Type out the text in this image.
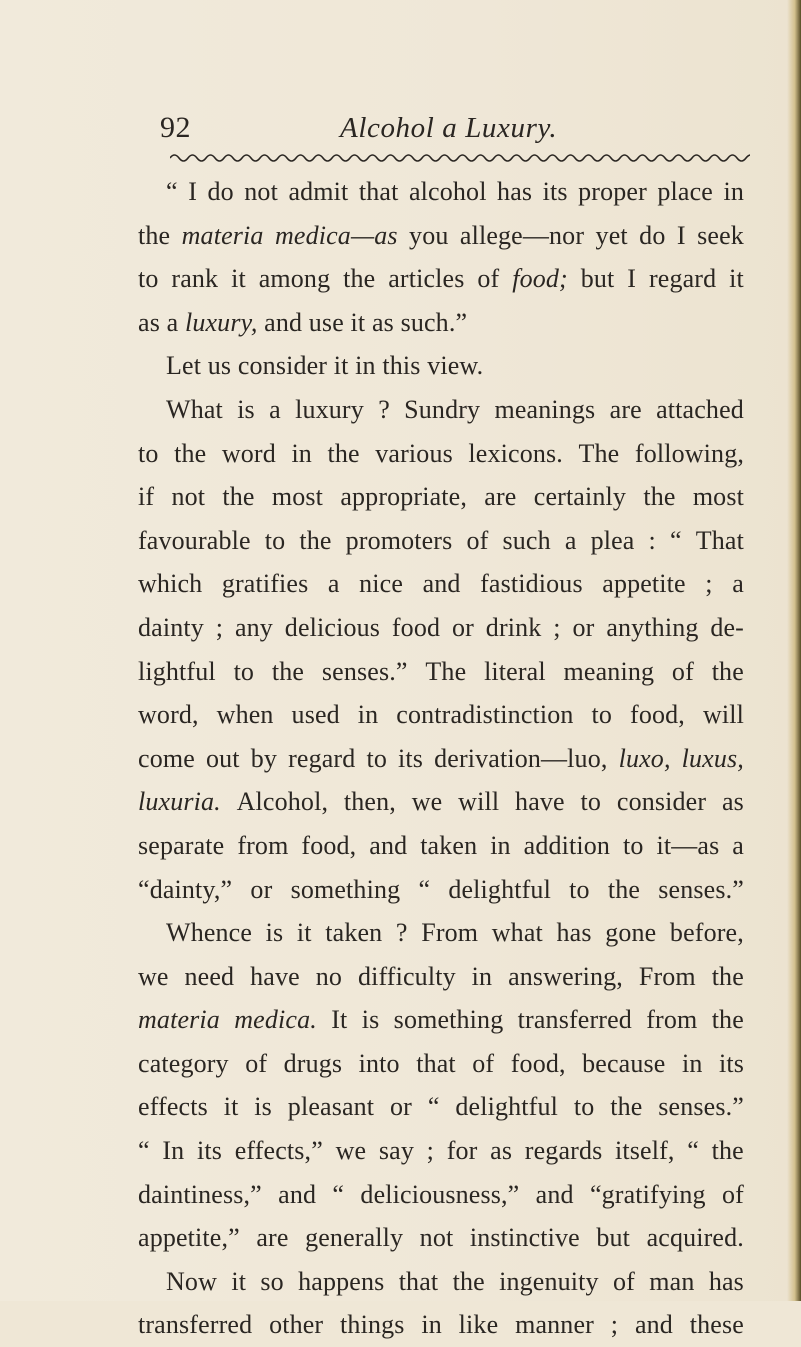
92	Alcohol a Luxury.
“ I do not admit that alcohol has its proper place in
the materia medica—as you allege—nor yet do I seek
to rank it among the articles of food; but I regard it
as a luxury, and use it as such.”
Let us consider it in this view.
What is a luxury ? Sundry meanings are attached
to the word in the various lexicons. The following,
if not the most appropriate, are certainly the most
favourable to the promoters of such a plea : “ That
which gratifies a nice and fastidious appetite ; a
dainty ; any delicious food or drink ; or anything de-
lightful to the senses.” The literal meaning of the
word, when used in contradistinction to food, will
come out by regard to its derivation—luo, luxo, luxus,
luxuria. Alcohol, then, we will have to consider as
separate from food, and taken in addition to it—as a
“dainty,” or something “ delightful to the senses.”
Whence is it taken ? From what has gone before,
we need have no difficulty in answering, From the
materia medica. It is something transferred from the
category of drugs into that of food, because in its
effects it is pleasant or “ delightful to the senses.”
“ In its effects,” we say ; for as regards itself, “ the
daintiness,” and “ deliciousness,” and “gratifying of
appetite,” are generally not instinctive but acquired.
Now it so happens that the ingenuity of man has
transferred other things in like manner ; and these
